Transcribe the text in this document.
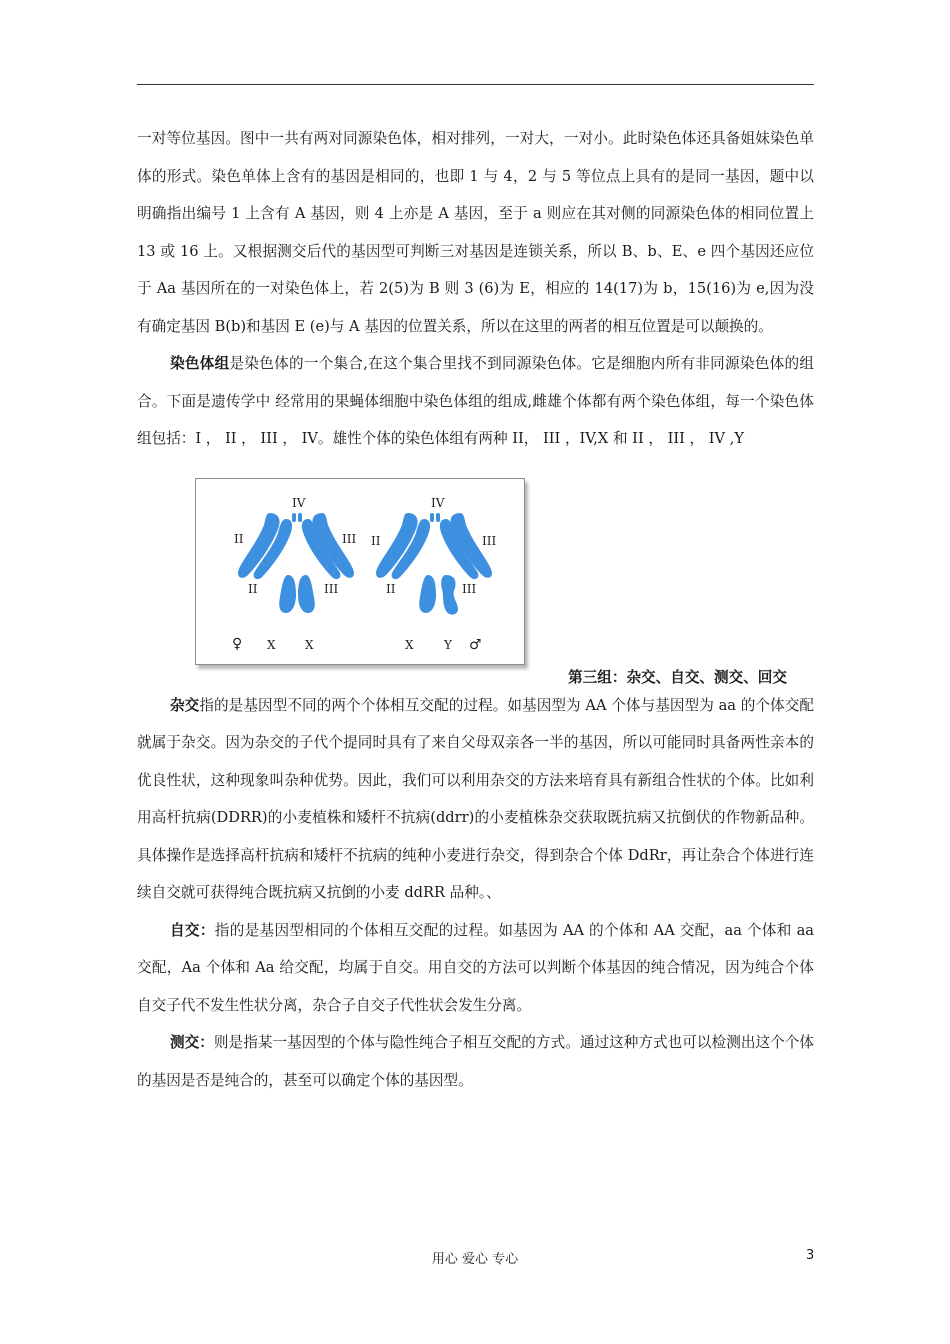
一对等位基因。图中一共有两对同源染色体，相对排列，一对大，一对小。此时染色体还具备姐妹染色单体的形式。染色单体上含有的基因是相同的，也即 1 与 4，2 与 5 等位点上具有的是同一基因，题中以明确指出编号 1 上含有 A 基因，则 4 上亦是 A 基因，至于 a 则应在其对侧的同源染色体的相同位置上 13 或 16 上。又根据测交后代的基因型可判断三对基因是连锁关系，所以 B、b、E、e 四个基因还应位于 Aa 基因所在的一对染色体上，若 2(5)为 B 则 3 (6)为 E，相应的 14(17)为 b，15(16)为 e,因为没有确定基因 B(b)和基因 E (e)与 A 基因的位置关系，所以在这里的两者的相互位置是可以颠换的。

染色体组是染色体的一个集合,在这个集合里找不到同源染色体。它是细胞内所有非同源染色体的组合。下面是遗传学中 经常用的果蝇体细胞中染色体组的组成,雌雄个体都有两个染色体组，每一个染色体组包括：I ， II ， III ， IV。雄性个体的染色体组有两种 II， III ，IV,X 和 II ， III ， IV ,Y

IV
II	III
II	III
♀ X X
IV
II	III
II	III
X	Y ♂
第三组：杂交、自交、测交、回交

杂交指的是基因型不同的两个个体相互交配的过程。如基因型为 AA 个体与基因型为 aa 的个体交配就属于杂交。因为杂交的子代个提同时具有了来自父母双亲各一半的基因，所以可能同时具备两性亲本的优良性状，这种现象叫杂种优势。因此，我们可以利用杂交的方法来培育具有新组合性状的个体。比如利用高杆抗病(DDRR)的小麦植株和矮杆不抗病(ddrr)的小麦植株杂交获取既抗病又抗倒伏的作物新品种。具体操作是选择高杆抗病和矮杆不抗病的纯种小麦进行杂交，得到杂合个体 DdRr，再让杂合个体进行连续自交就可获得纯合既抗病又抗倒的小麦 ddRR 品种。、

自交：指的是基因型相同的个体相互交配的过程。如基因为 AA 的个体和 AA 交配，aa 个体和 aa 交配，Aa 个体和 Aa 给交配，均属于自交。用自交的方法可以判断个体基因的纯合情况，因为纯合个体自交子代不发生性状分离，杂合子自交子代性状会发生分离。

测交：则是指某一基因型的个体与隐性纯合子相互交配的方式。通过这种方式也可以检测出这个个体的基因是否是纯合的，甚至可以确定个体的基因型。

用心 爱心 专心	3
